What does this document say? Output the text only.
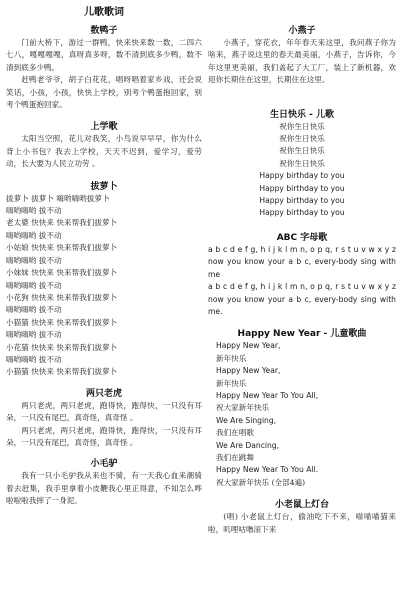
儿歌歌词
数鸭子
门前大桥下，游过一群鸭，快来快来数一数，二四六七八，嘎嘎嘎嘎，真呀真多呀，数不清到底多少鸭，数不清到底多少鸭。
赶鸭老爷爷，胡子白花花，唱呀唱着家乡戏，还会说笑话，小孩，小孩，快快上学校，别考个鸭蛋抱回家，别考个鸭蛋抱回家。
上学歌
太阳当空照，花儿对我笑，小鸟说早早早，你为什么背上小书包？我去上学校，天天不迟到，爱学习，爱劳动，长大要为人民立功劳 。
拔萝卜
拔萝卜 拔萝卜 嗨哟嗨哟拔萝卜
嗨哟嗨哟 拔不动
老太婆 快快来 快来帮我们拔萝卜
嗨哟嗨哟 拔不动
小姑娘 快快来 快来帮我们拔萝卜
嗨哟嗨哟 拔不动
小妹妹 快快来 快来帮我们拔萝卜
嗨哟嗨哟 拔不动
小花狗 快快来 快来帮我们拔萝卜
嗨哟嗨哟 拔不动
小猫猫 快快来 快来帮我们拔萝卜
嗨哟嗨哟 拔不动
小花猫 快快来 快来帮我们拔萝卜
嗨哟嗨哟 拔不动
小猫猫 快快来 快来帮我们拔萝卜
两只老虎
两只老虎，两只老虎，跑得快，跑得快，一只没有耳朵，一只没有尾巴，真奇怪，真奇怪 。
两只老虎，两只老虎，跑得快，跑得快，一只没有耳朵，一只没有尾巴，真奇怪，真奇怪 。
小毛驴
我有一只小毛驴我从来也不骑，有一天我心血来潮骑着去赶集，我手里拿着小皮鞭我心里正得意，不知怎么哗啦啦啦我摔了一身泥。
小燕子
小燕子，穿花衣，年年春天来这里，我问燕子你为啥来，燕子说这里的春天最美丽，小燕子，告诉你，今年这里更美丽，我们盖起了大工厂，装上了新机器，欢迎你长期住在这里，长期住在这里。
生日快乐 - 儿歌
祝你生日快乐
祝你生日快乐
祝你生日快乐
祝你生日快乐
Happy birthday to you
Happy birthday to you
Happy birthday to you
Happy birthday to you
ABC 字母歌
a b c d e f g, h i j k l m n, o p q, r s t u v w x y z now you know your a b c, every-body sing with me
a b c d e f g, h i j k l m n, o p q, r s t u v w x y z now you know your a b c, every-body sing with me.
Happy New Year - 儿童歌曲
Happy New Year,
新年快乐
Happy New Year,
新年快乐
Happy New Year To You All,
祝大家新年快乐
We Are Singing,
我们在唱歌
We Are Dancing,
我们在跳舞
Happy New Year To You All.
祝大家新年快乐 (全部4遍)
小老鼠上灯台
(唱) 小老鼠上灯台，偷油吃下不来，喵喵喵猫来啦，叽哩咕噜滚下来
